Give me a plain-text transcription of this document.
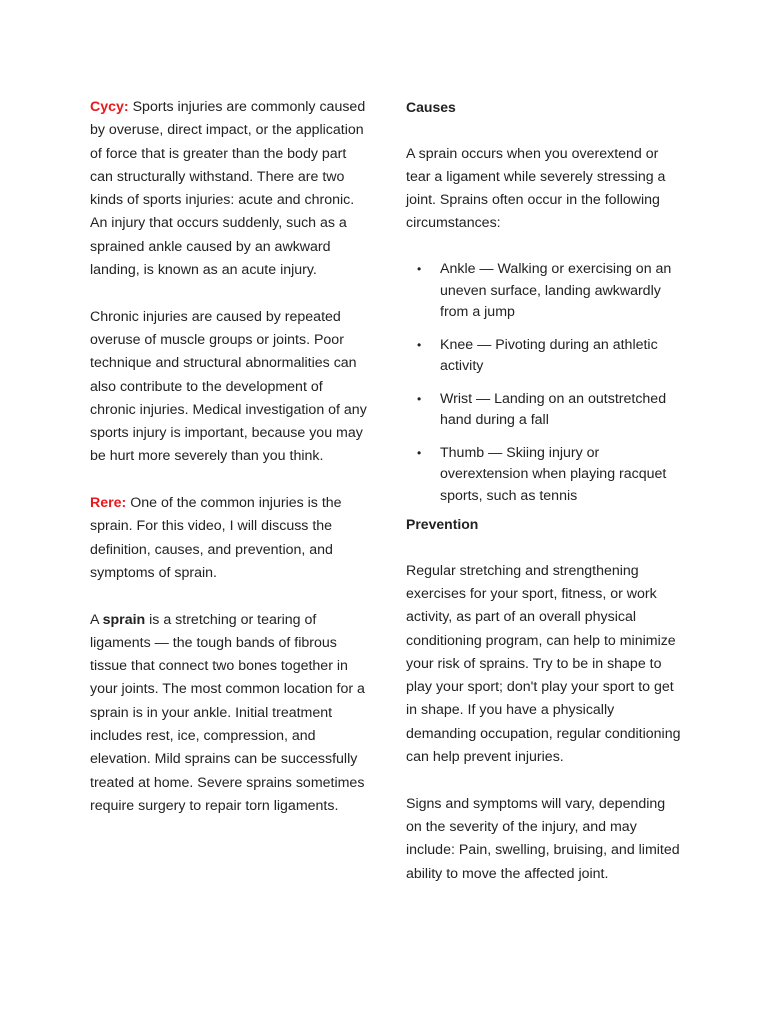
Cycy: Sports injuries are commonly caused by overuse, direct impact, or the application of force that is greater than the body part can structurally withstand. There are two kinds of sports injuries: acute and chronic. An injury that occurs suddenly, such as a sprained ankle caused by an awkward landing, is known as an acute injury.

Chronic injuries are caused by repeated overuse of muscle groups or joints. Poor technique and structural abnormalities can also contribute to the development of chronic injuries. Medical investigation of any sports injury is important, because you may be hurt more severely than you think.

Rere: One of the common injuries is the sprain. For this video, I will discuss the definition, causes, and prevention, and symptoms of sprain.

A sprain is a stretching or tearing of ligaments — the tough bands of fibrous tissue that connect two bones together in your joints. The most common location for a sprain is in your ankle. Initial treatment includes rest, ice, compression, and elevation. Mild sprains can be successfully treated at home. Severe sprains sometimes require surgery to repair torn ligaments.

Causes

A sprain occurs when you overextend or tear a ligament while severely stressing a joint. Sprains often occur in the following circumstances:

• Ankle — Walking or exercising on an uneven surface, landing awkwardly from a jump
• Knee — Pivoting during an athletic activity
• Wrist — Landing on an outstretched hand during a fall
• Thumb — Skiing injury or overextension when playing racquet sports, such as tennis
Prevention

Regular stretching and strengthening exercises for your sport, fitness, or work activity, as part of an overall physical conditioning program, can help to minimize your risk of sprains. Try to be in shape to play your sport; don't play your sport to get in shape. If you have a physically demanding occupation, regular conditioning can help prevent injuries.

Signs and symptoms will vary, depending on the severity of the injury, and may include: Pain, swelling, bruising, and limited ability to move the affected joint.
